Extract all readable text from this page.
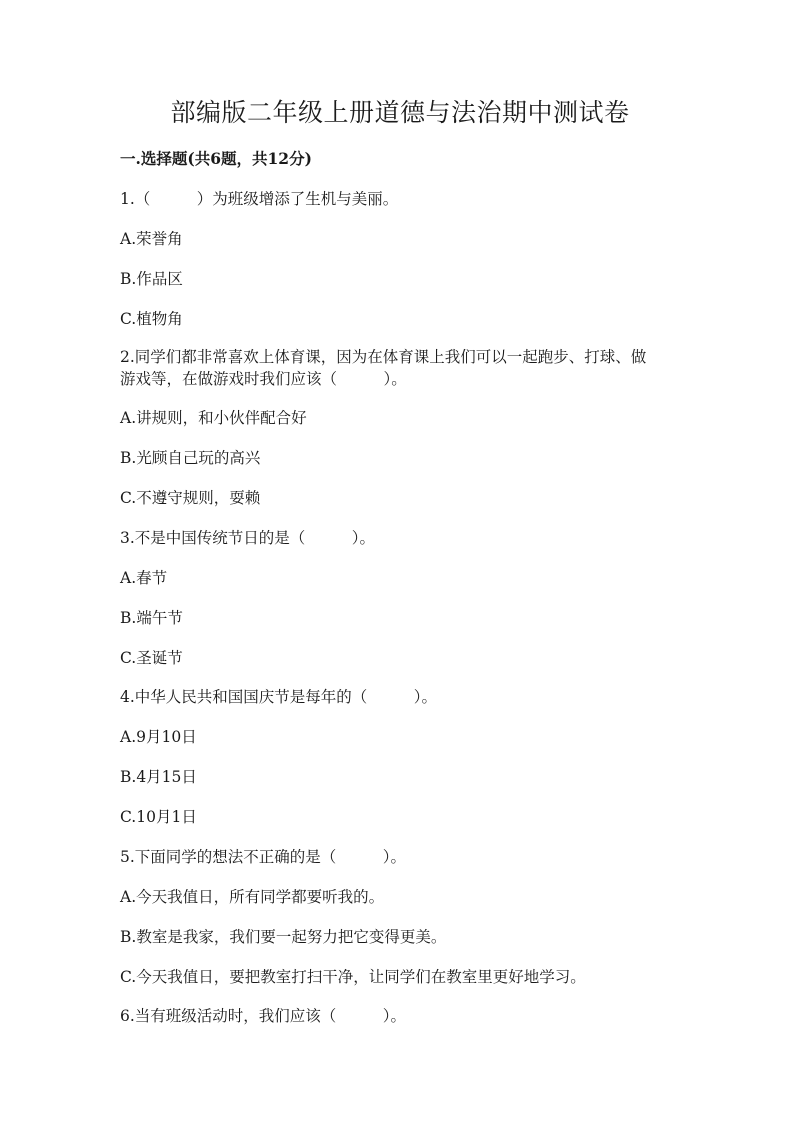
部编版二年级上册道德与法治期中测试卷
一.选择题(共6题，共12分)
1.（　　　）为班级增添了生机与美丽。
A.荣誉角
B.作品区
C.植物角
2.同学们都非常喜欢上体育课，因为在体育课上我们可以一起跑步、打球、做
游戏等，在做游戏时我们应该（　　　）。
A.讲规则，和小伙伴配合好
B.光顾自己玩的高兴
C.不遵守规则，耍赖
3.不是中国传统节日的是（　　　）。
A.春节
B.端午节
C.圣诞节
4.中华人民共和国国庆节是每年的（　　　）。
A.9月10日
B.4月15日
C.10月1日
5.下面同学的想法不正确的是（　　　）。
A.今天我值日，所有同学都要听我的。
B.教室是我家，我们要一起努力把它变得更美。
C.今天我值日，要把教室打扫干净，让同学们在教室里更好地学习。
6.当有班级活动时，我们应该（　　　）。
